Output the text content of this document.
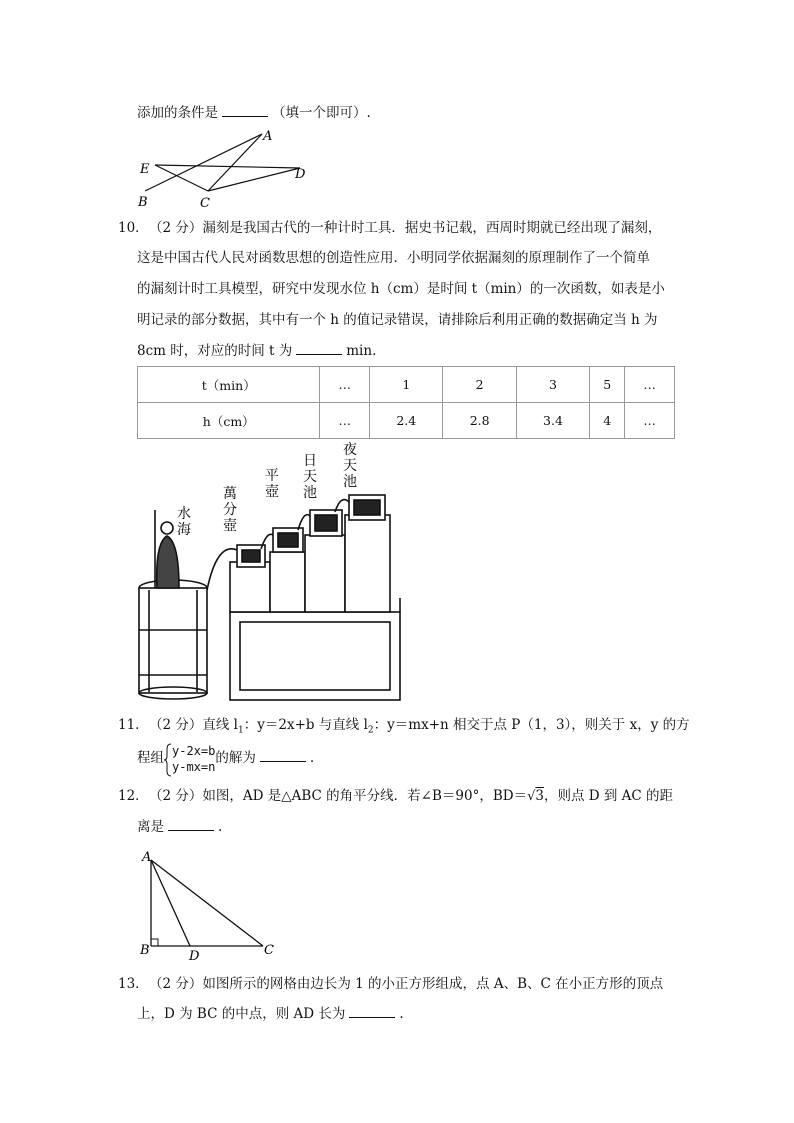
添加的条件是	（填一个即可）.
A
E	D
B	C
10． （2 分）漏刻是我国古代的一种计时工具．据史书记载，西周时期就已经出现了漏刻，
这是中国古代人民对函数思想的创造性应用．小明同学依据漏刻的原理制作了一个简单
的漏刻计时工具模型，研究中发现水位 h（cm）是时间 t（min）的一次函数，如表是小
明记录的部分数据，其中有一个 h 的值记录错误，请排除后利用正确的数据确定当 h 为
8cm 时，对应的时间 t 为	min.
t（min）	…	1	2	3	5	…
h（cm）	…	2.4	2.8	3.4	4	…
水海
萬分壺
平壺
日天池
夜天池
11． （2 分）直线 $l_1$：y＝2x+b 与直线 $l_2$：y＝mx+n 相交于点 P（1，3），则关于 x，y 的方
程组 y-2x=b
y-mx=n
的解为	.
12． （2 分）如图，AD 是△ABC 的角平分线．若∠B＝90°，BD＝√3，则点 D 到 AC 的距
离是	.
A
B	D	C
13． （2 分）如图所示的网格由边长为 1 的小正方形组成，点 A、B、C 在小正方形的顶点
上，D 为 BC 的中点，则 AD 长为	.
